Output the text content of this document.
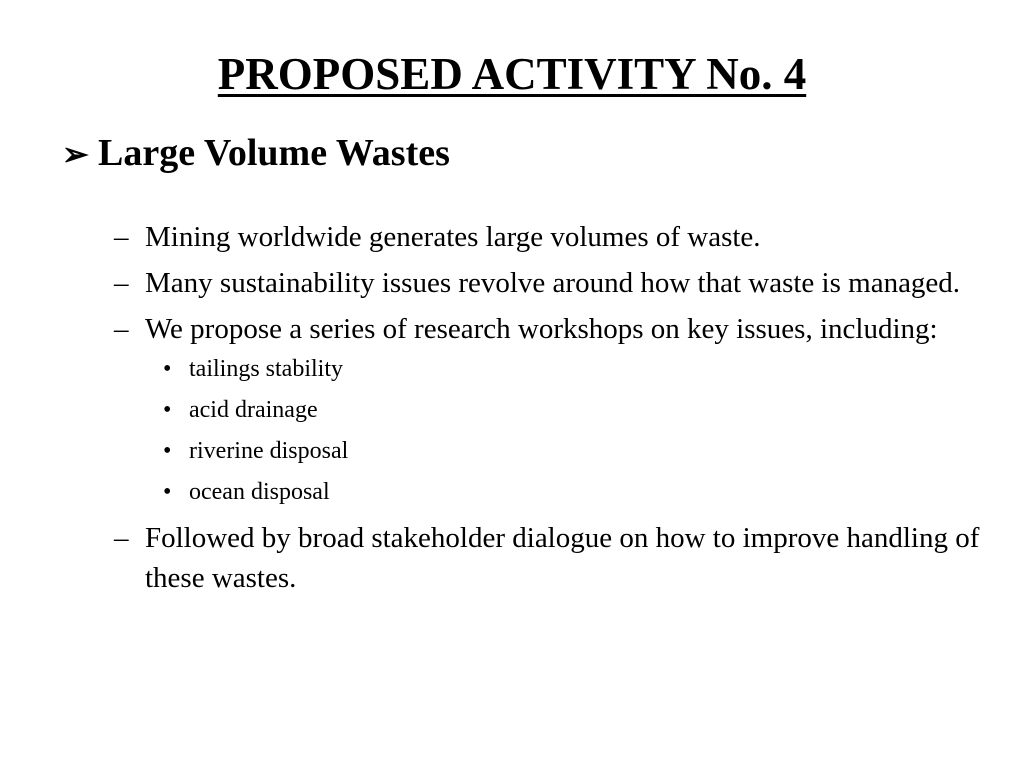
PROPOSED ACTIVITY No. 4
➢ Large Volume Wastes
– Mining worldwide generates large volumes of waste.
– Many sustainability issues revolve around how that waste is managed.
– We propose a series of research workshops on key issues, including:
• tailings stability
• acid drainage
• riverine disposal
• ocean disposal
– Followed by broad stakeholder dialogue on how to improve handling of these wastes.
